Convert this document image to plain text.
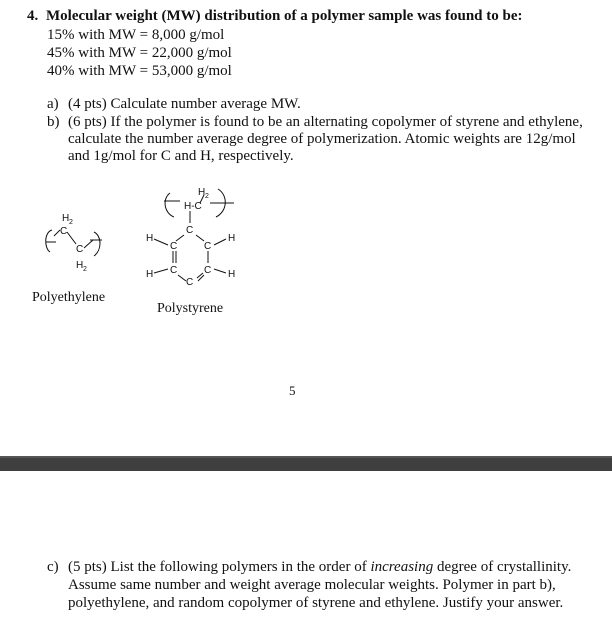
4. Molecular weight (MW) distribution of a polymer sample was found to be:
15% with MW = 8,000 g/mol
45% with MW = 22,000 g/mol
40% with MW = 53,000 g/mol
a) (4 pts) Calculate number average MW.
b) (6 pts) If the polymer is found to be an alternating copolymer of styrene and ethylene,
calculate the number average degree of polymerization. Atomic weights are 12g/mol
and 1g/mol for C and H, respectively.
H 2
C
C
H 2
Polyethylene
H 2
H-C
C
C	C
C	C
C
H	H
H	H
Polystyrene
5
c) (5 pts) List the following polymers in the order of increasing degree of crystallinity.
Assume same number and weight average molecular weights. Polymer in part b),
polyethylene, and random copolymer of styrene and ethylene. Justify your answer.
